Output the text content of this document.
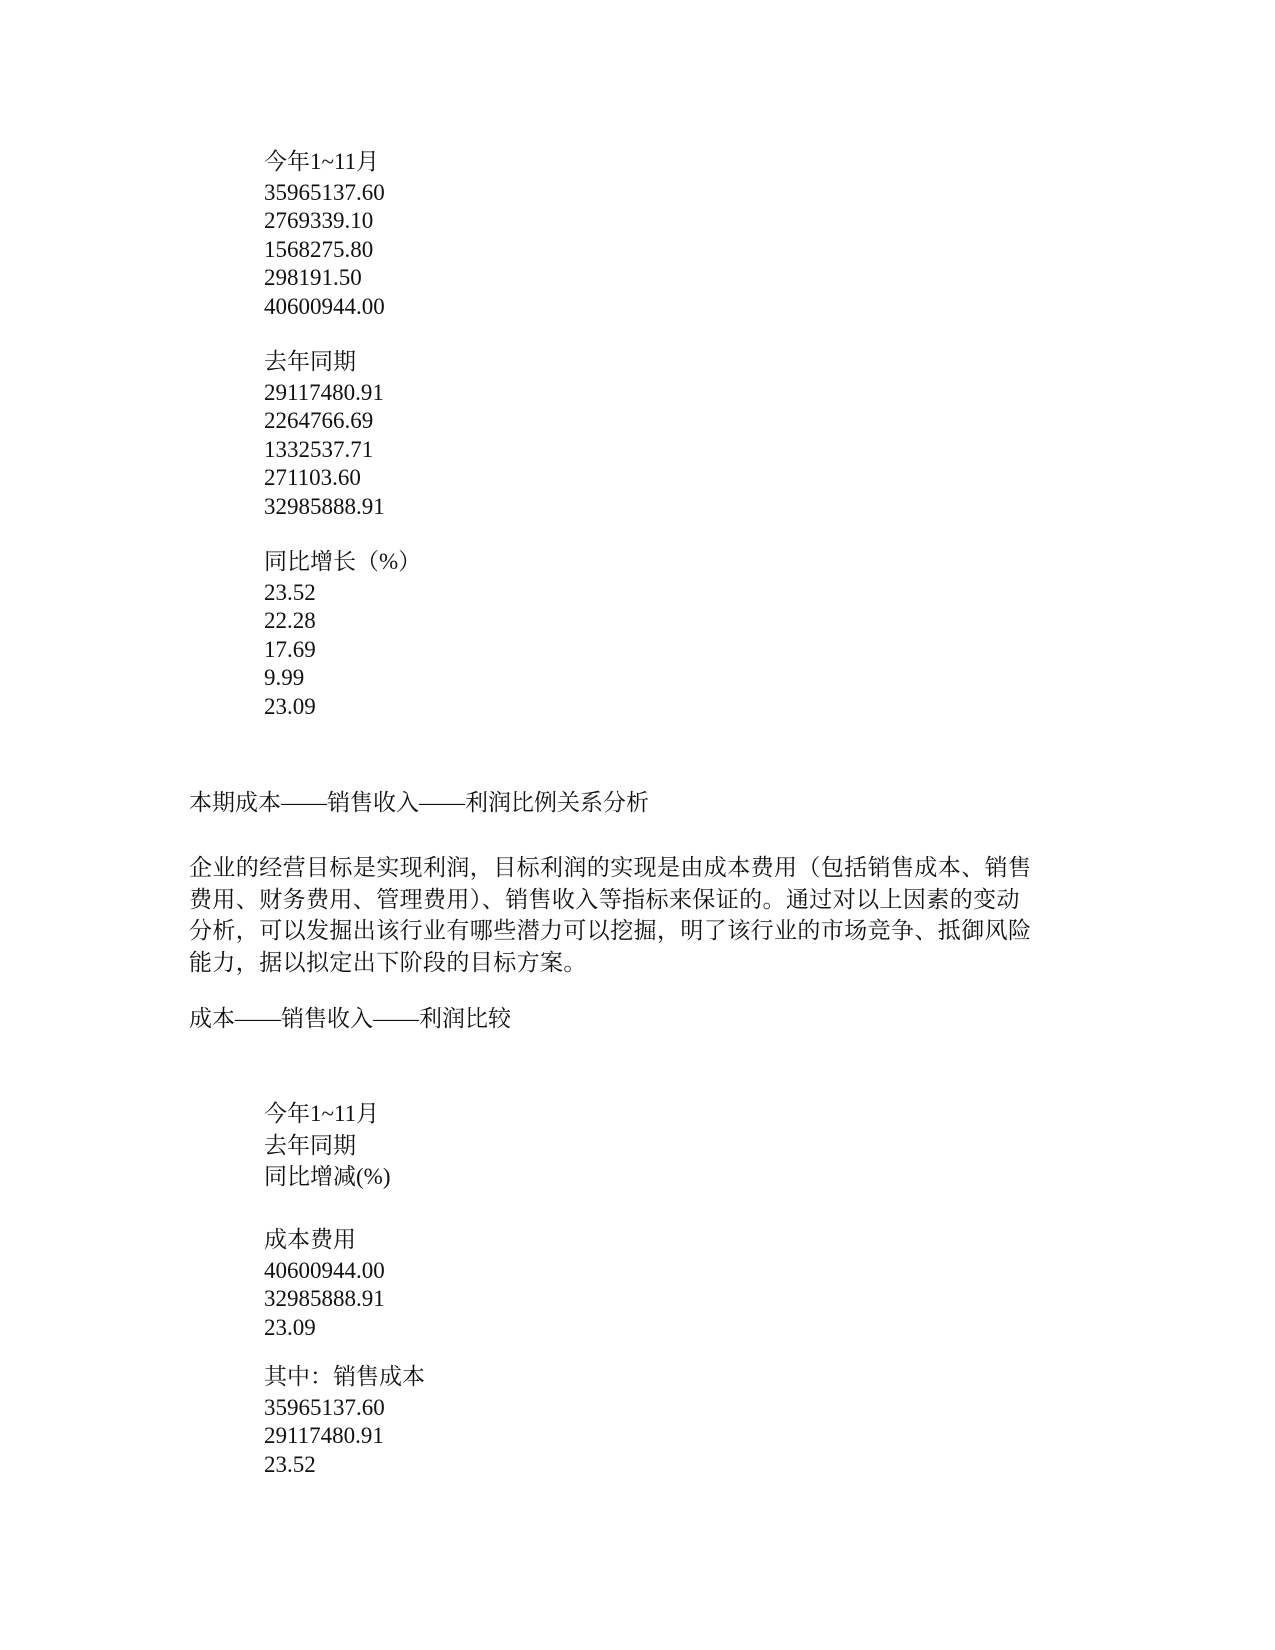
今年1~11月
35965137.60
2769339.10
1568275.80
298191.50
40600944.00
去年同期
29117480.91
2264766.69
1332537.71
271103.60
32985888.91
同比增长（%）
23.52
22.28
17.69
9.99
23.09
本期成本——销售收入——利润比例关系分析
企业的经营目标是实现利润，目标利润的实现是由成本费用（包括销售成本、销售
费用、财务费用、管理费用）、销售收入等指标来保证的。通过对以上因素的变动
分析，可以发掘出该行业有哪些潜力可以挖掘，明了该行业的市场竞争、抵御风险
能力，据以拟定出下阶段的目标方案。
成本——销售收入——利润比较
今年1~11月
去年同期
同比增减(%)
成本费用
40600944.00
32985888.91
23.09
其中：销售成本
35965137.60
29117480.91
23.52
